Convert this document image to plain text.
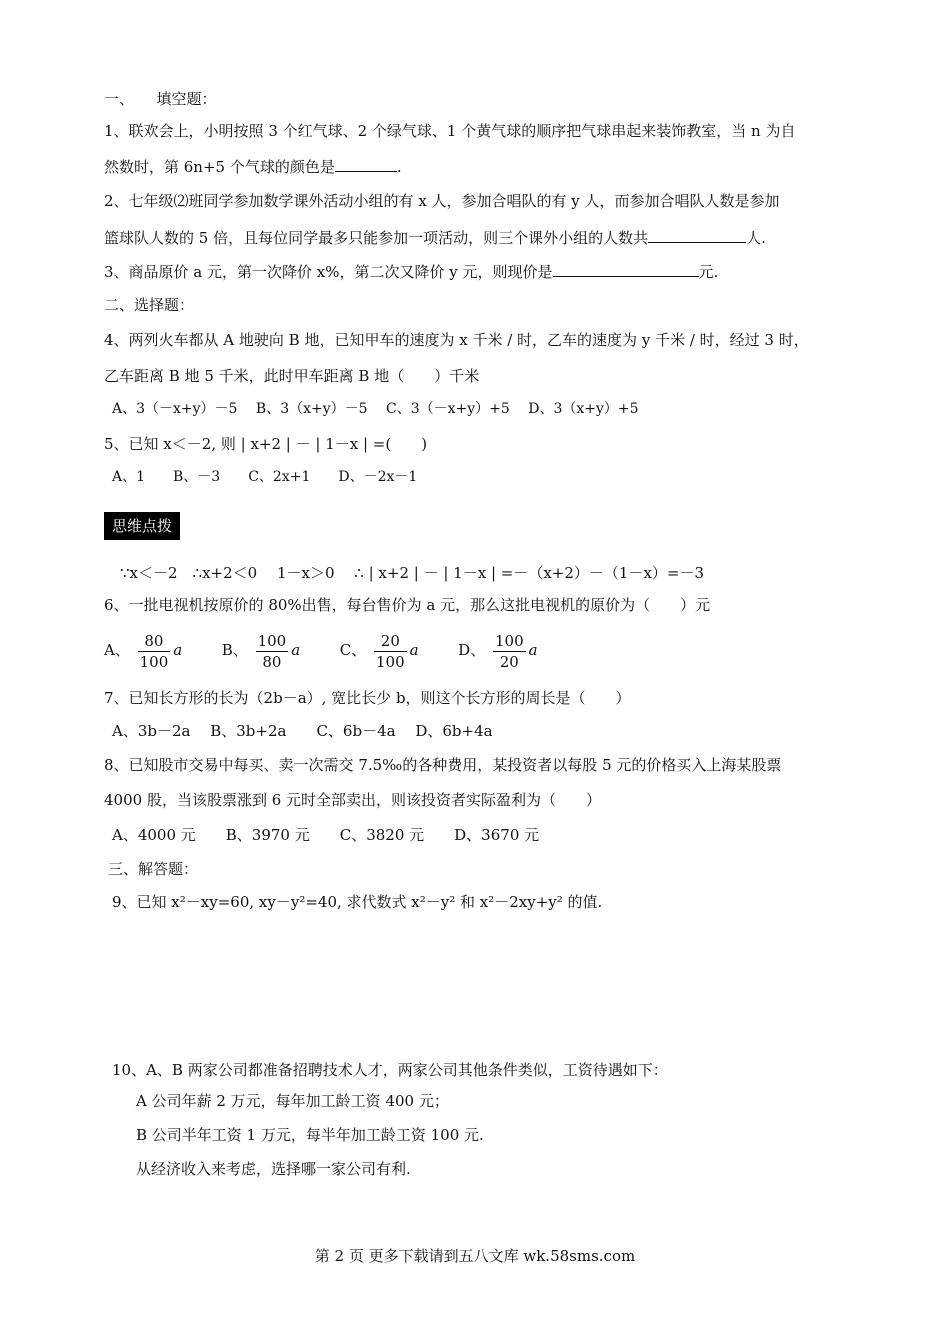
一、　　填空题：
1、联欢会上，小明按照 3 个红气球、2 个绿气球、1 个黄气球的顺序把气球串起来装饰教室，当 n 为自
然数时，第 6n+5 个气球的颜色是	.
2、七年级⑵班同学参加数学课外活动小组的有 x 人，参加合唱队的有 y 人，而参加合唱队人数是参加
篮球队人数的 5 倍，且每位同学最多只能参加一项活动，则三个课外小组的人数共	人.
3、商品原价 a 元，第一次降价 x%，第二次又降价 y 元，则现价是	元.
二、选择题：
4、两列火车都从 A 地驶向 B 地，已知甲车的速度为 x 千米 / 时，乙车的速度为 y 千米 / 时，经过 3 时，
乙车距离 B 地 5 千米，此时甲车距离 B 地（　　）千米
A、3（－x+y）－5　 B、3（x+y）－5　 C、3（－x+y）+5　 D、3（x+y）+5
5、已知 x＜－2, 则 | x+2 | － | 1－x | =(　　)
A、1　　B、－3　　C、2x+1　　D、－2x－1
思维点拨
∵x＜－2　∴x+2＜0　 1－x＞0　 ∴ | x+2 | － | 1－x | =－（x+2）－（1－x）=－3
6、一批电视机按原价的 80%出售，每台售价为 a 元，那么这批电视机的原价为（　　）元
A、 $\frac{80}{100}$ a	B、 $\frac{100}{80}$ a	C、 $\frac{20}{100}$ a	D、 $\frac{100}{20}$ a
7、已知长方形的长为（2b－a）, 宽比长少 b，则这个长方形的周长是（　　）
A、3b－2a　 B、3b+2a　　C、6b－4a　 D、6b+4a
8、已知股市交易中每买、卖一次需交 7.5‰的各种费用，某投资者以每股 5 元的价格买入上海某股票
4000 股，当该股票涨到 6 元时全部卖出，则该投资者实际盈利为（　　）
A、4000 元　　B、3970 元　　C、3820 元　　D、3670 元
三、解答题：
9、已知 x²－xy=60, xy－y²=40, 求代数式 x²－y² 和 x²－2xy+y² 的值.
10、A、B 两家公司都准备招聘技术人才，两家公司其他条件类似，工资待遇如下：
A 公司年薪 2 万元，每年加工龄工资 400 元；
B 公司半年工资 1 万元，每半年加工龄工资 100 元.
从经济收入来考虑，选择哪一家公司有利.
第 2 页 更多下载请到五八文库 wk.58sms.com
